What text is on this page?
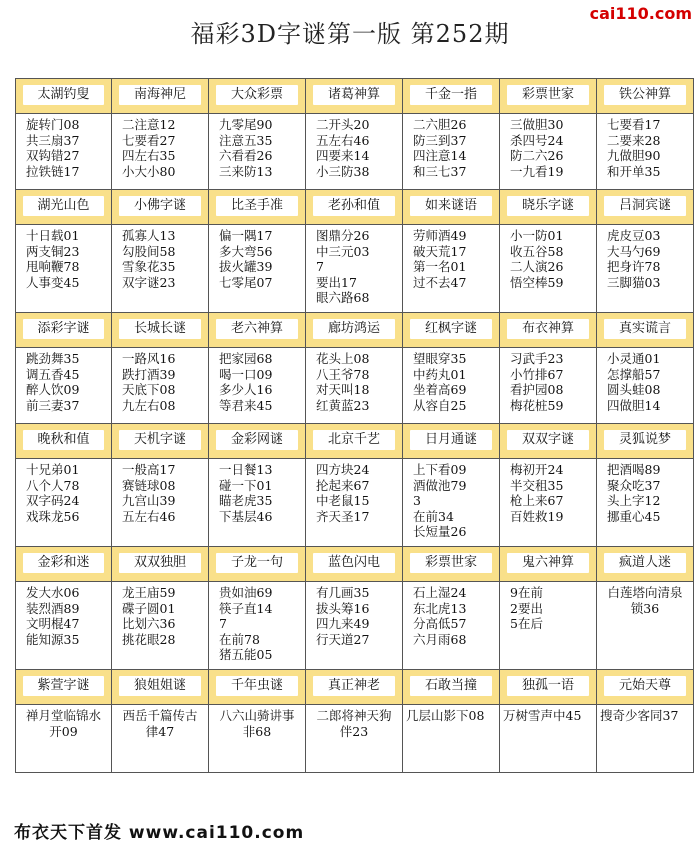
福彩3D字谜第一版 第252期
cai110.com
太湖钓叟	南海神尼	大众彩票	诸葛神算	千金一指	彩票世家	铁公神算

旋转门08
共三扇37
双钩错27
拉铁链17	二注意12
七要看27
四左右35
小大小80	九零尾90
注意五35
六看看26
三来防13	二开头20
五左右46
四要来14
小三防38	二六胆26
防三到37
四注意14
和三七37	三做胆30
杀四号24
防二六26
一九看19	七要看17
二要来28
九做胆90
和开单35

湖光山色	小佛字谜	比圣手准	老孙和值	如来谜语	晓乐字谜	吕洞宾谜

十日载01
两支铜23
甩响鞭78
人事变45	孤寡人13
勾股间58
雪象花35
双字谜23	偏一隅17
多大弯56
拔火罐39
七零尾07	图鼎分26
中三元03
7
要出17
眼六路68	劳师酒49
破天荒17
第一名01
过不去47	小一防01
收五谷58
二人演26
悟空棒59	虎皮豆03
大马勺69
把身许78
三脚猫03

添彩字谜	长城长谜	老六神算	廊坊鸿运	红枫字谜	布衣神算	真实谎言

跳劲舞35
调五香45
醉人饮09
前三妻37	一路风16
跌打酒39
天底下08
九左右08	把家园68
喝一口09
多少人16
等君来45	花头上08
八王爷78
对天叫18
红黄蓝23	望眼穿35
中药丸01
坐着高69
从容自25	习武手23
小竹排67
看护园08
梅花桩59	小灵通01
怎撑船57
圆头蛙08
四做胆14

晚秋和值	天机字谜	金彩网谜	北京千艺	日月通谜	双双字谜	灵狐说梦

十兄弟01
八个人78
双字码24
戏珠龙56	一般高17
赛链球08
九宫山39
五左右46	一日餐13
碰一下01
瞄老虎35
下基层46	四方块24
抡起来67
中老鼠15
齐天圣17	上下看09
酒做池79
3
在前34
长短量26	梅初开24
半交租35
枪上来67
百姓救19	把酒喝89
聚众吃37
头上字12
挪重心45

金彩和迷	双双独胆	子龙一句	蓝色闪电	彩票世家	鬼六神算	疯道人迷

发大水06
装烈酒89
文明棍47
能知源35	龙王庙59
碟子圆01
比划六36
挑花眼28	贵如油69
筷子直14
7
在前78
猪五能05	有几画35
拔头筹16
四九来49
行天道27	石上湿24
东北虎13
分高低57
六月雨68	9在前
2要出
5在后	白莲塔向清泉
锁36

紫萱字谜	狼姐姐谜	千年虫谜	真正神老	石敢当撞	独孤一语	元始天尊

禅月堂临锦水
开09	西岳千篇传古
律47	八六山骑讲事
非68	二郎将神天狗
伴23	几层山影下08	万树雪声中45	搜奇少客同37
布衣天下首发 www.cai110.com
